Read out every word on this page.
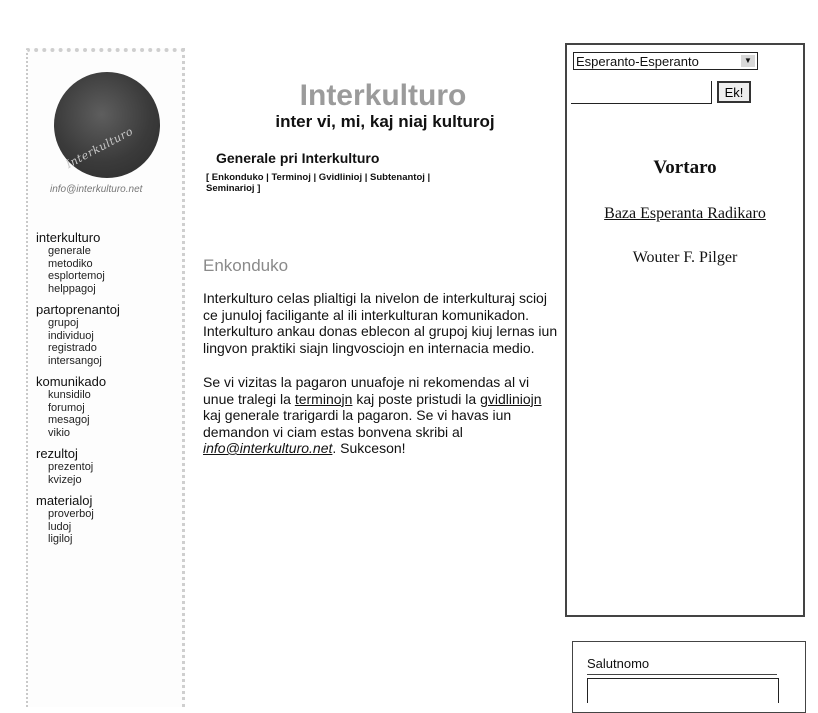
Interkulturo
info@interkulturo.net
interkulturo
generale
metodiko
esplortemoj
helppagoj
partoprenantoj
grupoj
individuoj
registrado
intersangoj
komunikado
kunsidilo
forumoj
mesagoj
vikio
rezultoj
prezentoj
kvizejo
materialoj
proverboj
ludoj
ligiloj
Interkulturo
inter vi, mi, kaj niaj kulturoj
Generale pri Interkulturo
[ Enkonduko | Terminoj | Gvidlinioj | Subtenantoj |
Seminarioj ]
Enkonduko

Interkulturo celas plialtigi la nivelon de interkulturaj scioj ce junuloj faciligante al ili interkulturan komunikadon. Interkulturo ankau donas eblecon al grupoj kiuj lernas iun lingvon praktiki siajn lingvosciojn en internacia medio.

Se vi vizitas la pagaron unuafoje ni rekomendas al vi unue tralegi la terminojn kaj poste pristudi la gvidliniojn kaj generale trarigardi la pagaron. Se vi havas iun demandon vi ciam estas bonvena skribi al info@interkulturo.net. Sukceson!

Esperanto-Esperanto	▼
Ek!
Vortaro
Baza Esperanta Radikaro
Wouter F. Pilger
Salutnomo
